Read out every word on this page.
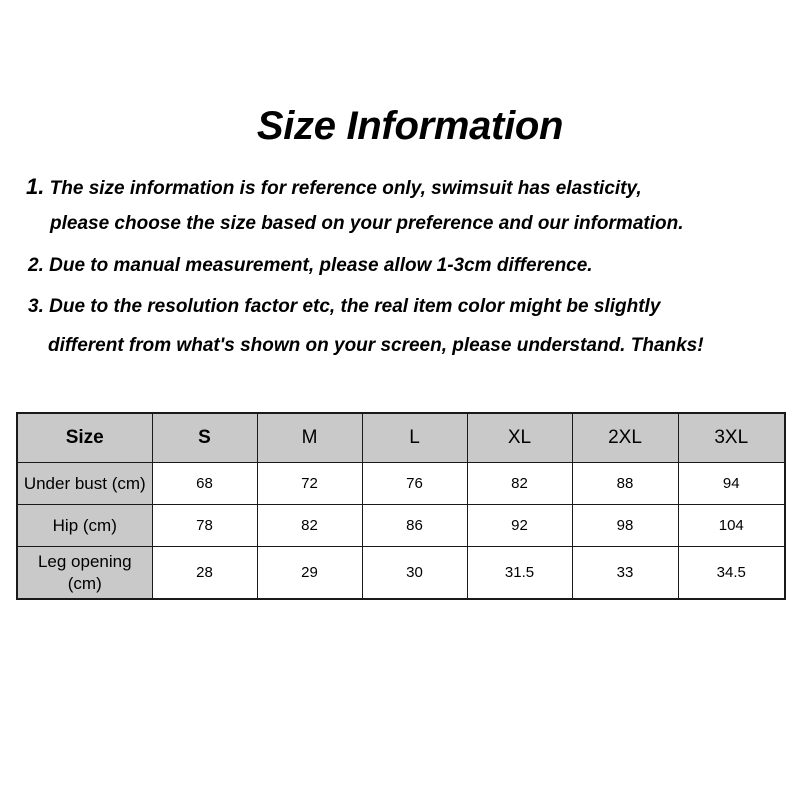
Size Information
1. The size information is for reference only, swimsuit has elasticity,
please choose the size based on your preference and our information.
2. Due to manual measurement, please allow 1-3cm difference.
3. Due to the resolution factor etc, the real item color might be slightly
different from what's shown on your screen, please understand. Thanks!
Size	S	M	L	XL	2XL	3XL
Under bust (cm)	68	72	76	82	88	94
Hip (cm)	78	82	86	92	98	104

Leg opening
(cm)	28	29	30	31.5	33	34.5
